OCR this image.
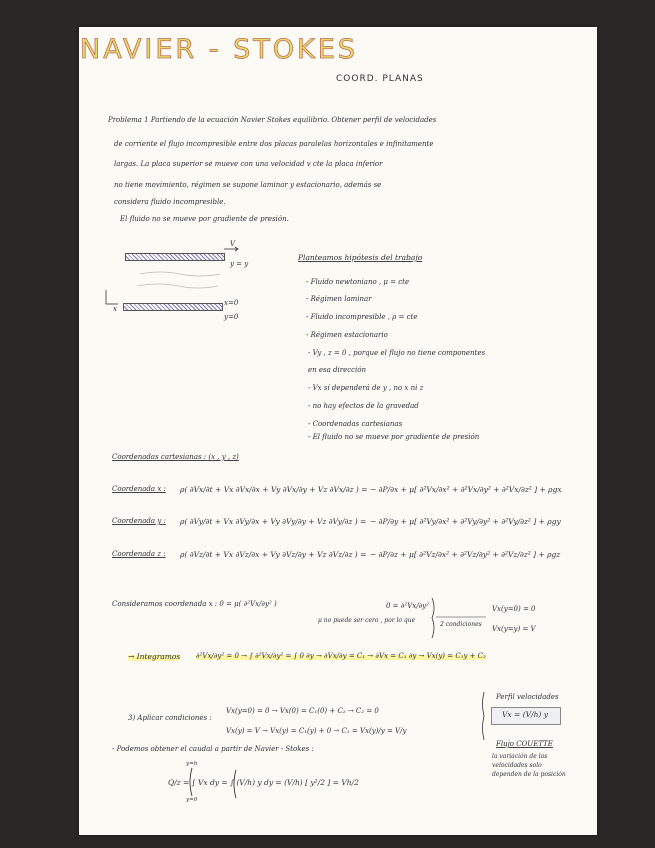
NAVIER - STOKES
COORD. PLANAS
Problema 1 Partiendo de la ecuación Navier Stokes equilibrio. Obtener perfil de velocidades
de corriente el flujo incompresible entre dos placas paralelas horizontales e infinitamente
largas. La placa superior se mueve con una velocidad v cte la placa inferior
no tiene movimiento, régimen se supone laminar y estacionario, además se
considera fluido incompresible.
El fluido no se mueve por gradiente de presión.
V
y = y
x=0
y=0
x
Planteamos hipótesis del trabajo
- Fluido newtoniano , μ = cte
- Régimen laminar
- Fluido incompresible , ρ = cte
- Régimen estacionario
- Vy , z = 0 , porque el flujo no tiene componentes
en esa dirección
- Vx sí dependerá de y , no x ni z
- no hay efectos de la gravedad
- Coordenadas cartesianas
- El fluido no se mueve por gradiente de presión
Coordenadas cartesianas : (x , y , z)
Coordenada x : ρ( ∂Vx/∂t + Vx ∂Vx/∂x + Vy ∂Vx/∂y + Vz ∂Vx/∂z ) = − ∂P/∂x + μ[ ∂²Vx/∂x² + ∂²Vx/∂y² + ∂²Vx/∂z² ] + ρgx
Coordenada y : ρ( ∂Vy/∂t + Vx ∂Vy/∂x + Vy ∂Vy/∂y + Vz ∂Vy/∂z ) = − ∂P/∂y + μ[ ∂²Vy/∂x² + ∂²Vy/∂y² + ∂²Vy/∂z² ] + ρgy
Coordenada z : ρ( ∂Vz/∂t + Vx ∂Vz/∂x + Vy ∂Vz/∂y + Vz ∂Vz/∂z ) = − ∂P/∂z + μ[ ∂²Vz/∂x² + ∂²Vz/∂y² + ∂²Vz/∂z² ] + ρgz
Consideramos coordenada x : 0 = μ( ∂²Vx/∂y² )
μ no puede ser cero , por lo que
0 = ∂²Vx/∂y²
2 condiciones
Vx(y=0) = 0
Vx(y=y) = V
→ Integramos ∂²Vx/∂y² = 0 → ∫ ∂²Vx/∂y² = ∫ 0 ∂y → ∂Vx/∂y = C₁ → ∂Vx = C₁ ∂y → Vx(y) = C₁y + C₂
3) Aplicar condiciones :
Vx(y=0) = 0 → Vx(0) = C₁(0) + C₂ → C₂ = 0
Vx(y) = V → Vx(y) = C₁(y) + 0 → C₁ = Vx(y)/y = V/y
Perfil velocidades
Vx = (V/h) y
Flujo COUETTE
la variación de las
velocidades solo
dependen de la posición
- Podemos obtener el caudal a partir de Navier - Stokes :
y=h
y=0
Q/z = ∫ Vx dy = ∫ (V/h) y dy = (V/h) [ y²/2 ] = Vh/2
